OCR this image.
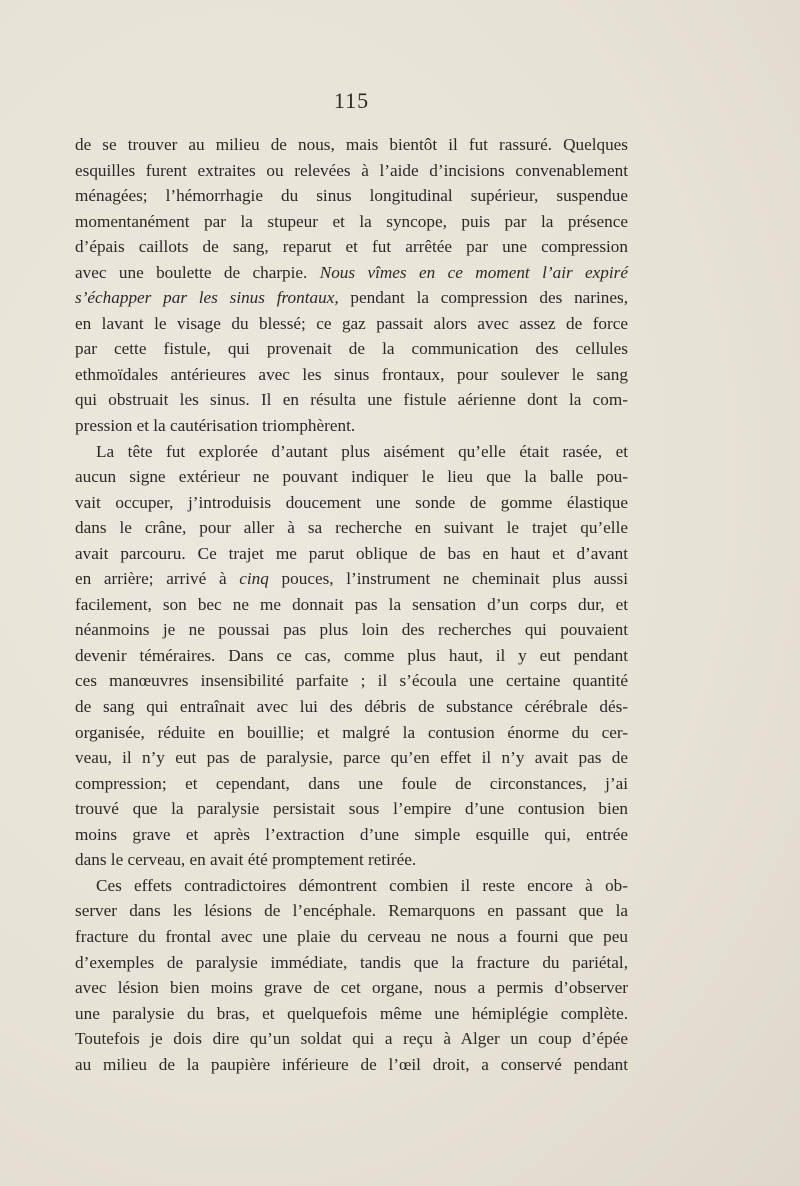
115
de se trouver au milieu de nous, mais bientôt il fut rassuré. Quelques
esquilles furent extraites ou relevées à l’aide d’incisions convenablement
ménagées; l’hémorrhagie du sinus longitudinal supérieur, suspendue
momentanément par la stupeur et la syncope, puis par la présence
d’épais caillots de sang, reparut et fut arrêtée par une compression
avec une boulette de charpie. Nous vîmes en ce moment l’air expiré
s’échapper par les sinus frontaux, pendant la compression des narines,
en lavant le visage du blessé; ce gaz passait alors avec assez de force
par cette fistule, qui provenait de la communication des cellules
ethmoïdales antérieures avec les sinus frontaux, pour soulever le sang
qui obstruait les sinus. Il en résulta une fistule aérienne dont la com-
pression et la cautérisation triomphèrent.
La tête fut explorée d’autant plus aisément qu’elle était rasée, et
aucun signe extérieur ne pouvant indiquer le lieu que la balle pou-
vait occuper, j’introduisis doucement une sonde de gomme élastique
dans le crâne, pour aller à sa recherche en suivant le trajet qu’elle
avait parcouru. Ce trajet me parut oblique de bas en haut et d’avant
en arrière; arrivé à cinq pouces, l’instrument ne cheminait plus aussi
facilement, son bec ne me donnait pas la sensation d’un corps dur, et
néanmoins je ne poussai pas plus loin des recherches qui pouvaient
devenir téméraires. Dans ce cas, comme plus haut, il y eut pendant
ces manœuvres insensibilité parfaite ; il s’écoula une certaine quantité
de sang qui entraînait avec lui des débris de substance cérébrale dés-
organisée, réduite en bouillie; et malgré la contusion énorme du cer-
veau, il n’y eut pas de paralysie, parce qu’en effet il n’y avait pas de
compression; et cependant, dans une foule de circonstances, j’ai
trouvé que la paralysie persistait sous l’empire d’une contusion bien
moins grave et après l’extraction d’une simple esquille qui, entrée
dans le cerveau, en avait été promptement retirée.
Ces effets contradictoires démontrent combien il reste encore à ob-
server dans les lésions de l’encéphale. Remarquons en passant que la
fracture du frontal avec une plaie du cerveau ne nous a fourni que peu
d’exemples de paralysie immédiate, tandis que la fracture du pariétal,
avec lésion bien moins grave de cet organe, nous a permis d’observer
une paralysie du bras, et quelquefois même une hémiplégie complète.
Toutefois je dois dire qu’un soldat qui a reçu à Alger un coup d’épée
au milieu de la paupière inférieure de l’œil droit, a conservé pendant
